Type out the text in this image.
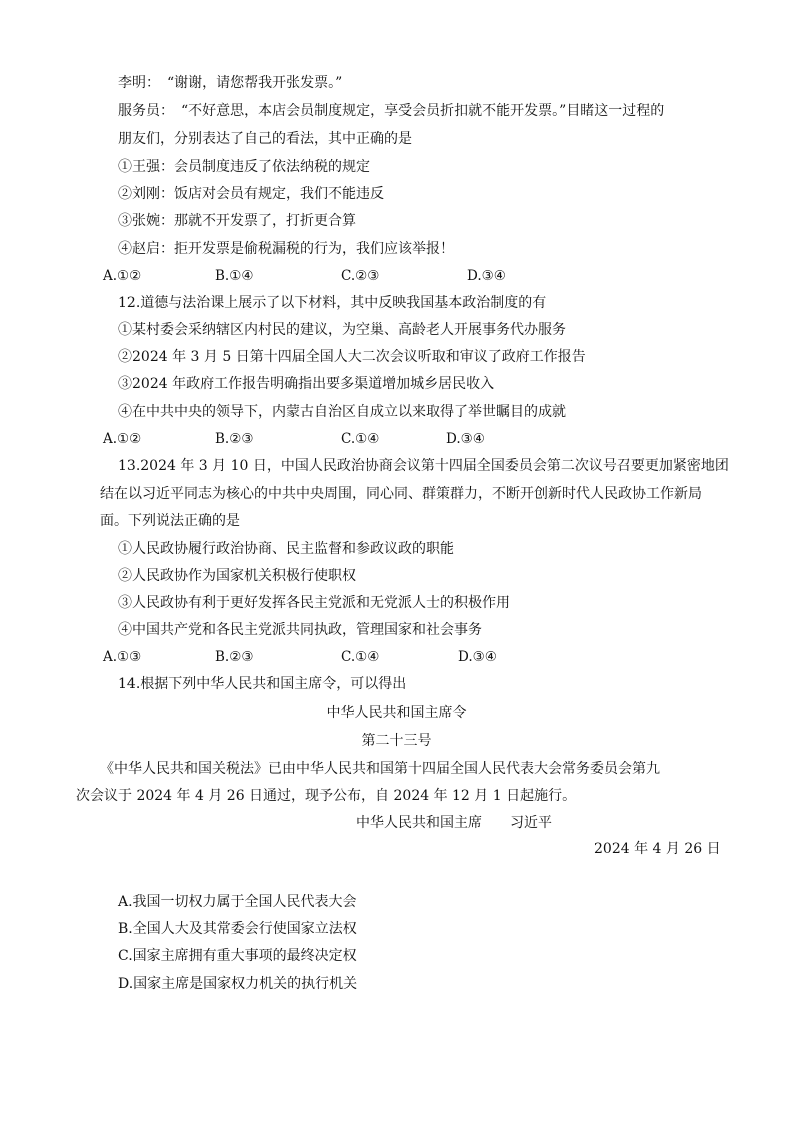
李明：　“谢谢，请您帮我开张发票。”
服务员：　“不好意思，本店会员制度规定，享受会员折扣就不能开发票。”目睹这一过程的
朋友们，分别表达了自己的看法，其中正确的是
①王强：会员制度违反了依法纳税的规定
②刘刚：饭店对会员有规定，我们不能违反
③张婉：那就不开发票了，打折更合算
④赵启：拒开发票是偷税漏税的行为，我们应该举报！
A.①②	B.①④	C.②③	D.③④
12.道德与法治课上展示了以下材料，其中反映我国基本政治制度的有
①某村委会采纳辖区内村民的建议，为空巢、高龄老人开展事务代办服务
②2024 年 3 月 5 日第十四届全国人大二次会议听取和审议了政府工作报告
③2024 年政府工作报告明确指出要多渠道增加城乡居民收入
④在中共中央的领导下，内蒙古自治区自成立以来取得了举世瞩目的成就
A.①②	B.②③	C.①④	D.③④
13.2024 年 3 月 10 日，中国人民政治协商会议第十四届全国委员会第二次议号召要更加紧密地团
结在以习近平同志为核心的中共中央周围，同心同、群策群力，不断开创新时代人民政协工作新局
面。下列说法正确的是
①人民政协履行政治协商、民主监督和参政议政的职能
②人民政协作为国家机关积极行使职权
③人民政协有利于更好发挥各民主党派和无党派人士的积极作用
④中国共产党和各民主党派共同执政，管理国家和社会事务
A.①③	B.②③	C.①④	D.③④
14.根据下列中华人民共和国主席令，可以得出
中华人民共和国主席令
第二十三号
《中华人民共和国关税法》已由中华人民共和国第十四届全国人民代表大会常务委员会第九
次会议于 2024 年 4 月 26 日通过，现予公布，自 2024 年 12 月 1 日起施行。
中华人民共和国主席　　习近平
2024 年 4 月 26 日
A.我国一切权力属于全国人民代表大会
B.全国人大及其常委会行使国家立法权
C.国家主席拥有重大事项的最终决定权
D.国家主席是国家权力机关的执行机关
